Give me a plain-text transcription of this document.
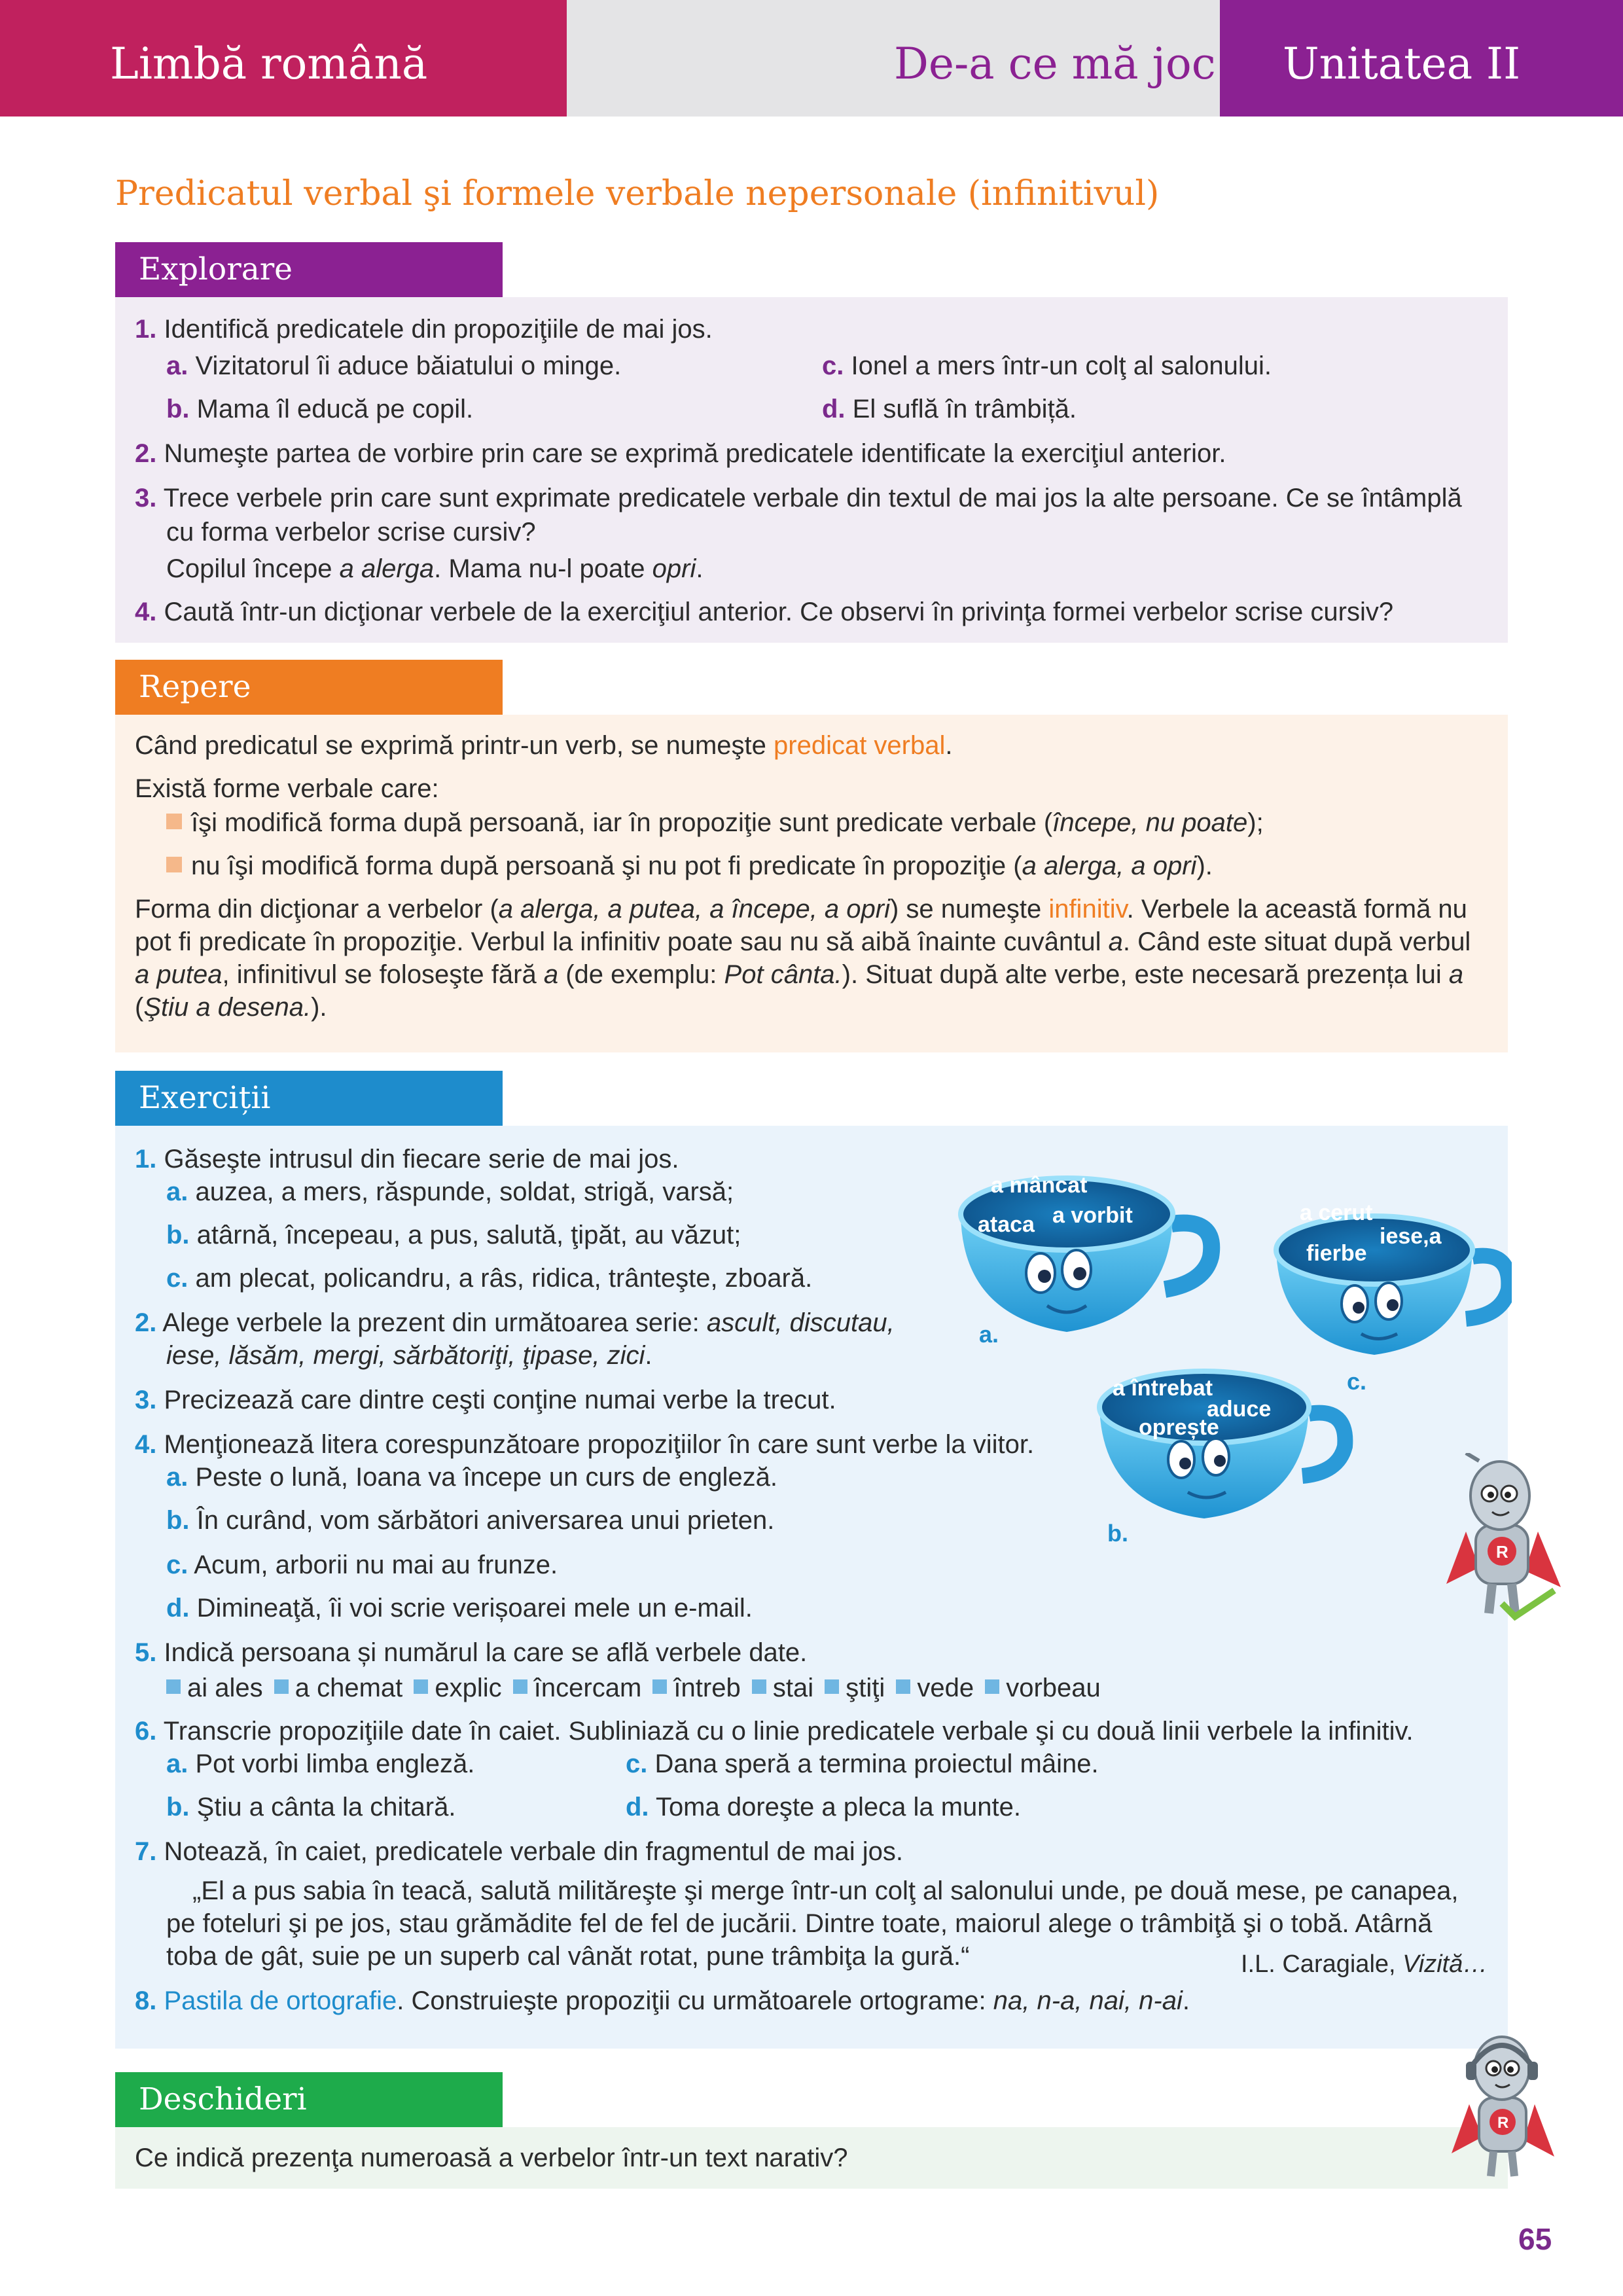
Limbă română	De-a ce mă joc Unitatea II
Predicatul verbal şi formele verbale nepersonale (infinitivul)
Explorare
1. Identifică predicatele din propoziţiile de mai jos.
a. Vizitatorul îi aduce băiatului o minge.	c. Ionel a mers într-un colţ al salonului.
b. Mama îl educă pe copil.	d. El suflă în trâmbiță.
2. Numeşte partea de vorbire prin care se exprimă predicatele identificate la exerciţiul anterior.
3. Trece verbele prin care sunt exprimate predicatele verbale din textul de mai jos la alte persoane. Ce se întâmplă
cu forma verbelor scrise cursiv?
Copilul începe a alerga. Mama nu-l poate opri.
4. Caută într-un dicţionar verbele de la exerciţiul anterior. Ce observi în privinţa formei verbelor scrise cursiv?
Repere
Când predicatul se exprimă printr-un verb, se numeşte predicat verbal.
Există forme verbale care:
îşi modifică forma după persoană, iar în propoziţie sunt predicate verbale (începe, nu poate);
nu îşi modifică forma după persoană şi nu pot fi predicate în propoziţie (a alerga, a opri).
Forma din dicţionar a verbelor (a alerga, a putea, a începe, a opri) se numeşte infinitiv. Verbele la această formă nu
pot fi predicate în propoziţie. Verbul la infinitiv poate sau nu să aibă înainte cuvântul a. Când este situat după verbul
a putea, infinitivul se foloseşte fără a (de exemplu: Pot cânta.). Situat după alte verbe, este necesară prezența lui a
(Ştiu a desena.).
Exerciții
1. Găseşte intrusul din fiecare serie de mai jos.
a. auzea, a mers, răspunde, soldat, strigă, varsă;
b. atârnă, începeau, a pus, salută, ţipăt, au văzut;
c. am plecat, policandru, a râs, ridica, trânteşte, zboară.
2. Alege verbele la prezent din următoarea serie: ascult, discutau,
iese, lăsăm, mergi, sărbătoriţi, ţipase, zici.
3. Precizează care dintre ceşti conţine numai verbe la trecut.
4. Menţionează litera corespunzătoare propoziţiilor în care sunt verbe la viitor.
a. Peste o lună, Ioana va începe un curs de engleză.
b. În curând, vom sărbători aniversarea unui prieten.
c. Acum, arborii nu mai au frunze.
d. Dimineaţă, îi voi scrie verișoarei mele un e-mail.
5. Indică persoana și numărul la care se află verbele date.
ai ales a chemat explic încercam întreb stai ştiţi vede vorbeau
6. Transcrie propoziţiile date în caiet. Subliniază cu o linie predicatele verbale şi cu două linii verbele la infinitiv.
a. Pot vorbi limba engleză.	c. Dana speră a termina proiectul mâine.
b. Ştiu a cânta la chitară.	d. Toma doreşte a pleca la munte.
7. Notează, în caiet, predicatele verbale din fragmentul de mai jos.
„El a pus sabia în teacă, salută milităreşte şi merge într-un colţ al salonului unde, pe două mese, pe canapea,
pe foteluri şi pe jos, stau grămădite fel de fel de jucării. Dintre toate, maiorul alege o trâmbiţă şi o tobă. Atârnă
toba de gât, suie pe un superb cal vânăt rotat, pune trâmbiţa la gură.“	I.L. Caragiale, Vizită…
8. Pastila de ortografie. Construieşte propoziţii cu următoarele ortograme: na, n-a, nai, n-ai.
a mâncat
a vorbit
ataca	a cerut
iese,a
fierbe
a întrebat
aduce
oprește
a.
b.
c.
R
Deschideri
Ce indică prezenţa numeroasă a verbelor într-un text narativ?
R
65
